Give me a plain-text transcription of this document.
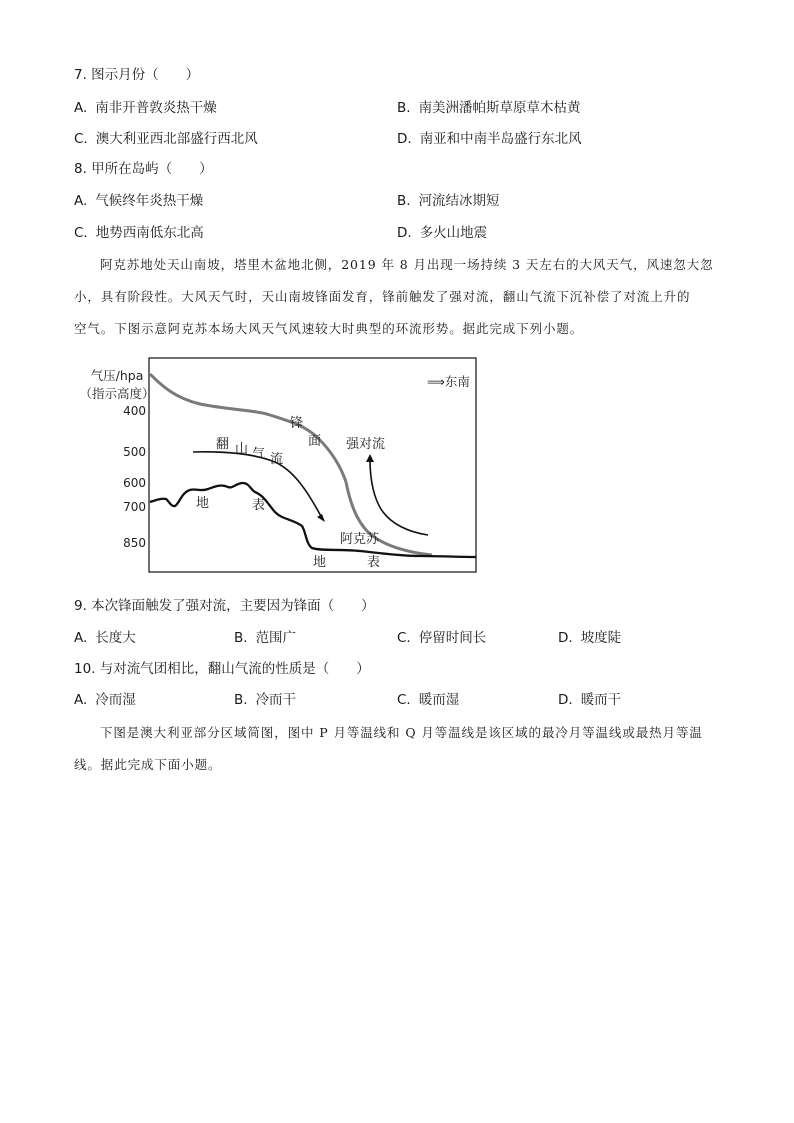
7. 图示月份（　　）
A. 南非开普敦炎热干燥	B. 南美洲潘帕斯草原草木枯黄
C. 澳大利亚西北部盛行西北风	D. 南亚和中南半岛盛行东北风
8. 甲所在岛屿（　　）
A. 气候终年炎热干燥	B. 河流结冰期短
C. 地势西南低东北高	D. 多火山地震
阿克苏地处天山南坡，塔里木盆地北侧，2019 年 8 月出现一场持续 3 天左右的大风天气，风速忽大忽
小，具有阶段性。大风天气时，天山南坡锋面发育，锋前触发了强对流，翻山气流下沉补偿了对流上升的
空气。下图示意阿克苏本场大风天气风速较大时典型的环流形势。据此完成下列小题。
气压/hpa
（指示高度）
400
500
600
700
850
⟹东南
锋
面
翻 山 气 流
强对流
地	表
阿克苏
地	表
9. 本次锋面触发了强对流，主要因为锋面（　　）
A. 长度大	B. 范围广	C. 停留时间长	D. 坡度陡
10. 与对流气团相比，翻山气流的性质是（　　）
A. 冷而湿	B. 冷而干	C. 暖而湿	D. 暖而干
下图是澳大利亚部分区域简图，图中 P 月等温线和 Q 月等温线是该区域的最冷月等温线或最热月等温
线。据此完成下面小题。
